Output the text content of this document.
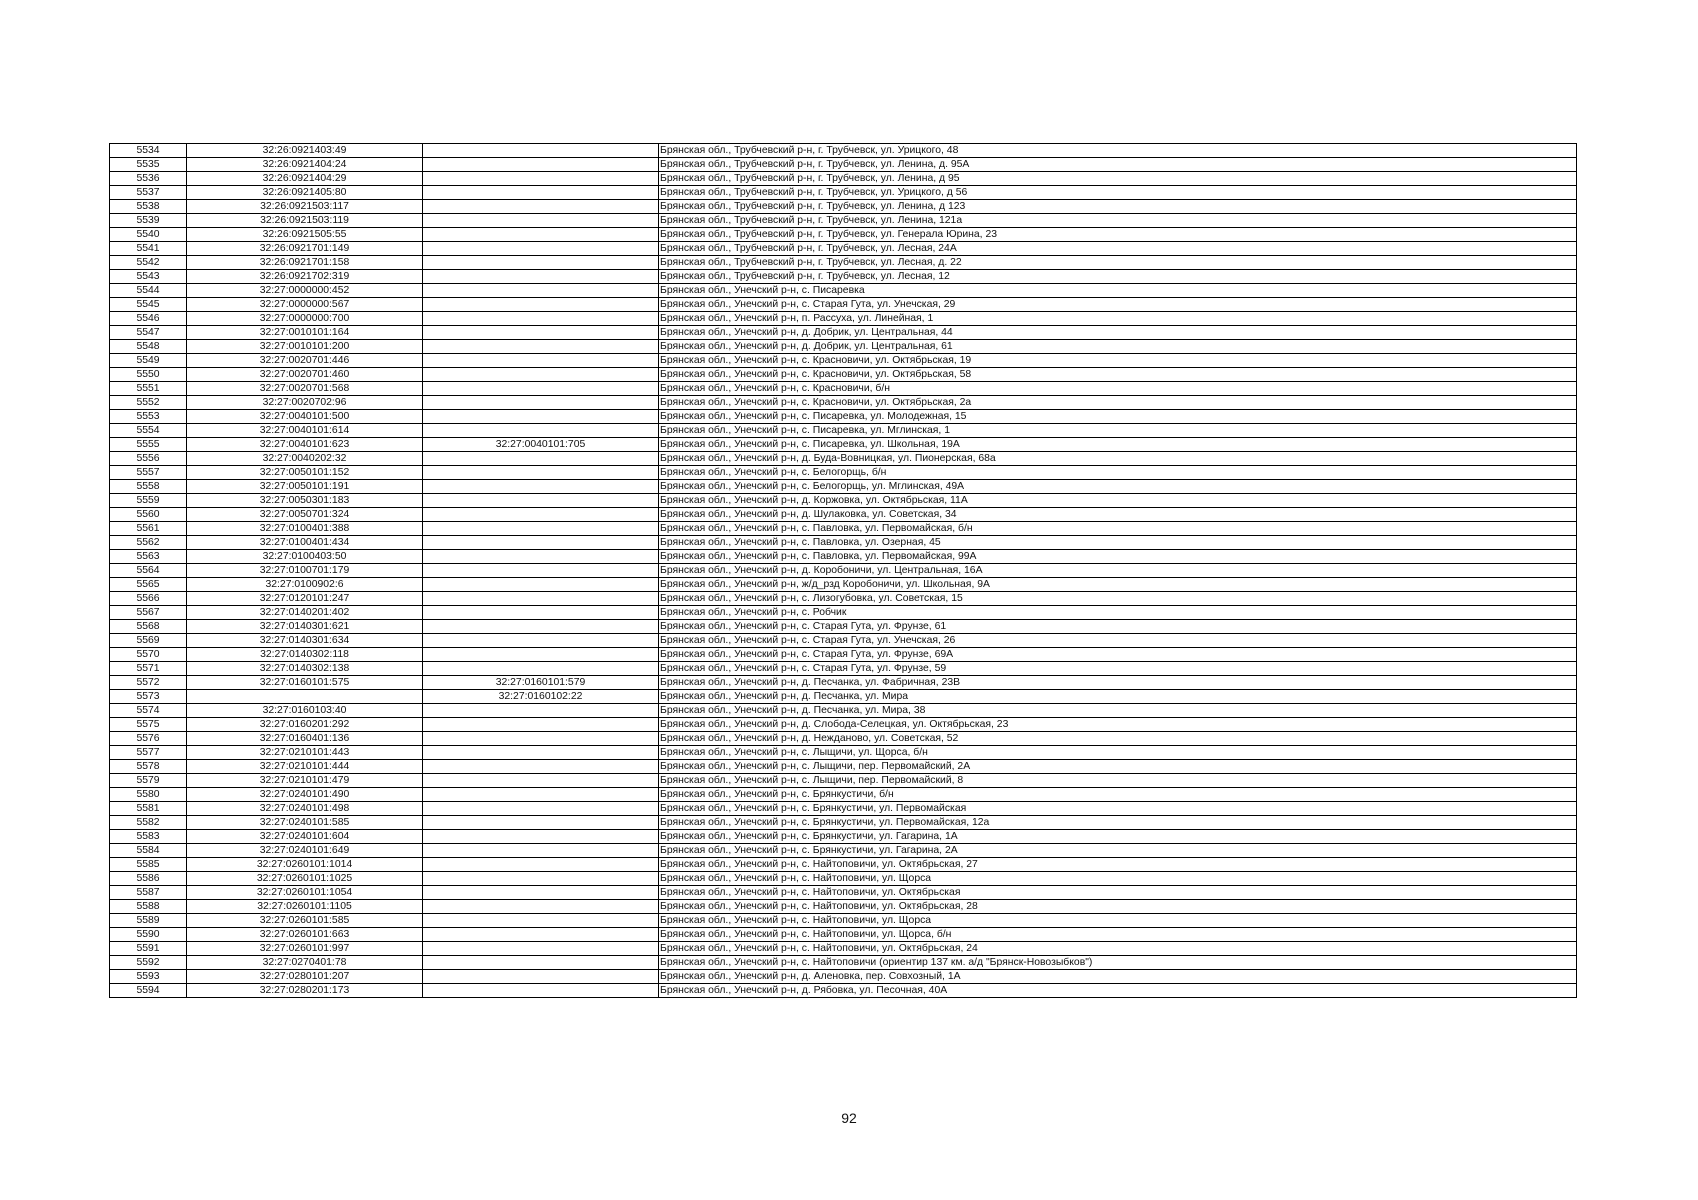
5534	32:26:0921403:49		Брянская обл., Трубчевский р-н, г. Трубчевск, ул. Урицкого, 48
5535	32:26:0921404:24		Брянская обл., Трубчевский р-н, г. Трубчевск, ул. Ленина, д. 95А
5536	32:26:0921404:29		Брянская обл., Трубчевский р-н, г. Трубчевск, ул. Ленина, д 95
5537	32:26:0921405:80		Брянская обл., Трубчевский р-н, г. Трубчевск, ул. Урицкого, д 56
5538	32:26:0921503:117		Брянская обл., Трубчевский р-н, г. Трубчевск, ул. Ленина, д 123
5539	32:26:0921503:119		Брянская обл., Трубчевский р-н, г. Трубчевск, ул. Ленина, 121а
5540	32:26:0921505:55		Брянская обл., Трубчевский р-н, г. Трубчевск, ул. Генерала Юрина, 23
5541	32:26:0921701:149		Брянская обл., Трубчевский р-н, г. Трубчевск, ул. Лесная, 24А
5542	32:26:0921701:158		Брянская обл., Трубчевский р-н, г. Трубчевск, ул. Лесная, д. 22
5543	32:26:0921702:319		Брянская обл., Трубчевский р-н, г. Трубчевск, ул. Лесная, 12
5544	32:27:0000000:452		Брянская обл., Унечский р-н, с. Писаревка
5545	32:27:0000000:567		Брянская обл., Унечский р-н, с. Старая Гута, ул. Унечская, 29
5546	32:27:0000000:700		Брянская обл., Унечский р-н, п. Рассуха, ул. Линейная, 1
5547	32:27:0010101:164		Брянская обл., Унечский р-н, д. Добрик, ул. Центральная, 44
5548	32:27:0010101:200		Брянская обл., Унечский р-н, д. Добрик, ул. Центральная, 61
5549	32:27:0020701:446		Брянская обл., Унечский р-н, с. Красновичи, ул. Октябрьская, 19
5550	32:27:0020701:460		Брянская обл., Унечский р-н, с. Красновичи, ул. Октябрьская, 58
5551	32:27:0020701:568		Брянская обл., Унечский р-н, с. Красновичи, б/н
5552	32:27:0020702:96		Брянская обл., Унечский р-н, с. Красновичи, ул. Октябрьская, 2а
5553	32:27:0040101:500		Брянская обл., Унечский р-н, с. Писаревка, ул. Молодежная, 15
5554	32:27:0040101:614		Брянская обл., Унечский р-н, с. Писаревка, ул. Мглинская, 1
5555	32:27:0040101:623	32:27:0040101:705	Брянская обл., Унечский р-н, с. Писаревка, ул. Школьная, 19А
5556	32:27:0040202:32		Брянская обл., Унечский р-н, д. Буда-Вовницкая, ул. Пионерская, 68а
5557	32:27:0050101:152		Брянская обл., Унечский р-н, с. Белогорщь, б/н
5558	32:27:0050101:191		Брянская обл., Унечский р-н, с. Белогорщь, ул. Мглинская, 49А
5559	32:27:0050301:183		Брянская обл., Унечский р-н, д. Коржовка, ул. Октябрьская, 11А
5560	32:27:0050701:324		Брянская обл., Унечский р-н, д. Шулаковка, ул. Советская, 34
5561	32:27:0100401:388		Брянская обл., Унечский р-н, с. Павловка, ул. Первомайская, б/н
5562	32:27:0100401:434		Брянская обл., Унечский р-н, с. Павловка, ул. Озерная, 45
5563	32:27:0100403:50		Брянская обл., Унечский р-н, с. Павловка, ул. Первомайская, 99А
5564	32:27:0100701:179		Брянская обл., Унечский р-н, д. Коробоничи, ул. Центральная, 16А
5565	32:27:0100902:6		Брянская обл., Унечский р-н, ж/д_рзд Коробоничи, ул. Школьная, 9А
5566	32:27:0120101:247		Брянская обл., Унечский р-н, с. Лизогубовка, ул. Советская, 15
5567	32:27:0140201:402		Брянская обл., Унечский р-н, с. Робчик
5568	32:27:0140301:621		Брянская обл., Унечский р-н, с. Старая Гута, ул. Фрунзе, 61
5569	32:27:0140301:634		Брянская обл., Унечский р-н, с. Старая Гута, ул. Унечская, 26
5570	32:27:0140302:118		Брянская обл., Унечский р-н, с. Старая Гута, ул. Фрунзе, 69А
5571	32:27:0140302:138		Брянская обл., Унечский р-н, с. Старая Гута, ул. Фрунзе, 59
5572	32:27:0160101:575	32:27:0160101:579	Брянская обл., Унечский р-н, д. Песчанка, ул. Фабричная, 23В
5573		32:27:0160102:22	Брянская обл., Унечский р-н, д. Песчанка, ул. Мира
5574	32:27:0160103:40		Брянская обл., Унечский р-н, д. Песчанка, ул. Мира, 38
5575	32:27:0160201:292		Брянская обл., Унечский р-н, д. Слобода-Селецкая, ул. Октябрьская, 23
5576	32:27:0160401:136		Брянская обл., Унечский р-н, д. Нежданово, ул. Советская, 52
5577	32:27:0210101:443		Брянская обл., Унечский р-н, с. Лыщичи, ул. Щорса, б/н
5578	32:27:0210101:444		Брянская обл., Унечский р-н, с. Лыщичи, пер. Первомайский, 2А
5579	32:27:0210101:479		Брянская обл., Унечский р-н, с. Лыщичи, пер. Первомайский, 8
5580	32:27:0240101:490		Брянская обл., Унечский р-н, с. Брянкустичи, б/н
5581	32:27:0240101:498		Брянская обл., Унечский р-н, с. Брянкустичи, ул. Первомайская
5582	32:27:0240101:585		Брянская обл., Унечский р-н, с. Брянкустичи, ул. Первомайская, 12а
5583	32:27:0240101:604		Брянская обл., Унечский р-н, с. Брянкустичи, ул. Гагарина, 1А
5584	32:27:0240101:649		Брянская обл., Унечский р-н, с. Брянкустичи, ул. Гагарина, 2А
5585	32:27:0260101:1014		Брянская обл., Унечский р-н, с. Найтоповичи, ул. Октябрьская, 27
5586	32:27:0260101:1025		Брянская обл., Унечский р-н, с. Найтоповичи, ул. Щорса
5587	32:27:0260101:1054		Брянская обл., Унечский р-н, с. Найтоповичи, ул. Октябрьская
5588	32:27:0260101:1105		Брянская обл., Унечский р-н, с. Найтоповичи, ул. Октябрьская, 28
5589	32:27:0260101:585		Брянская обл., Унечский р-н, с. Найтоповичи, ул. Щорса
5590	32:27:0260101:663		Брянская обл., Унечский р-н, с. Найтоповичи, ул. Щорса, б/н
5591	32:27:0260101:997		Брянская обл., Унечский р-н, с. Найтоповичи, ул. Октябрьская, 24
5592	32:27:0270401:78		Брянская обл., Унечский р-н, с. Найтоповичи (ориентир 137 км. а/д "Брянск-Новозыбков")
5593	32:27:0280101:207		Брянская обл., Унечский р-н, д. Аленовка, пер. Совхозный, 1А
5594	32:27:0280201:173		Брянская обл., Унечский р-н, д. Рябовка, ул. Песочная, 40А
92
